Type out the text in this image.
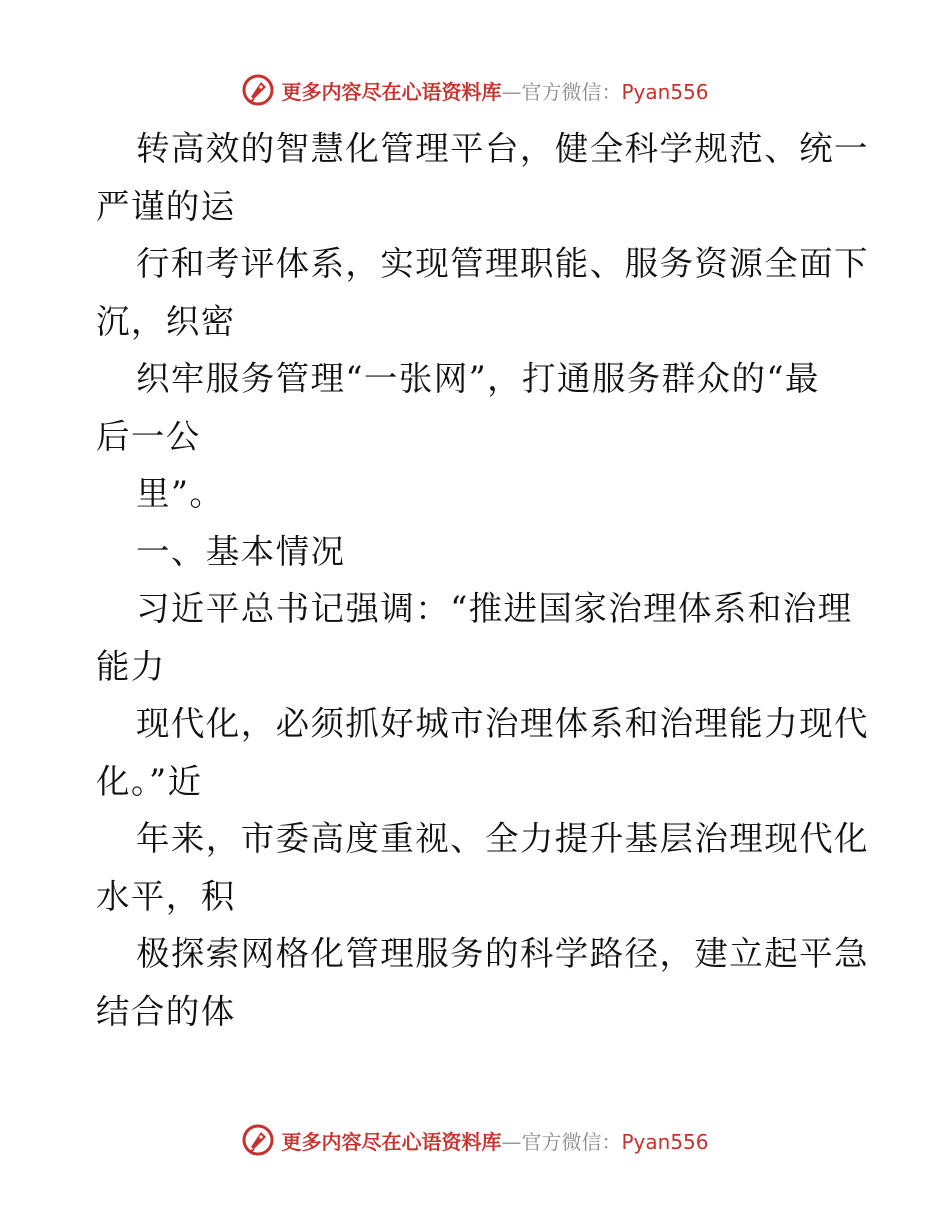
更多内容尽在心语资料库—官方微信：Pyan556
转高效的智慧化管理平台，健全科学规范、统一
严谨的运
行和考评体系，实现管理职能、服务资源全面下
沉，织密
织牢服务管理“一张网”，打通服务群众的“最
后一公
里”。
一、基本情况
习近平总书记强调：“推进国家治理体系和治理
能力
现代化，必须抓好城市治理体系和治理能力现代
化。”近
年来，市委高度重视、全力提升基层治理现代化
水平，积
极探索网格化管理服务的科学路径，建立起平急
结合的体
更多内容尽在心语资料库—官方微信：Pyan556
